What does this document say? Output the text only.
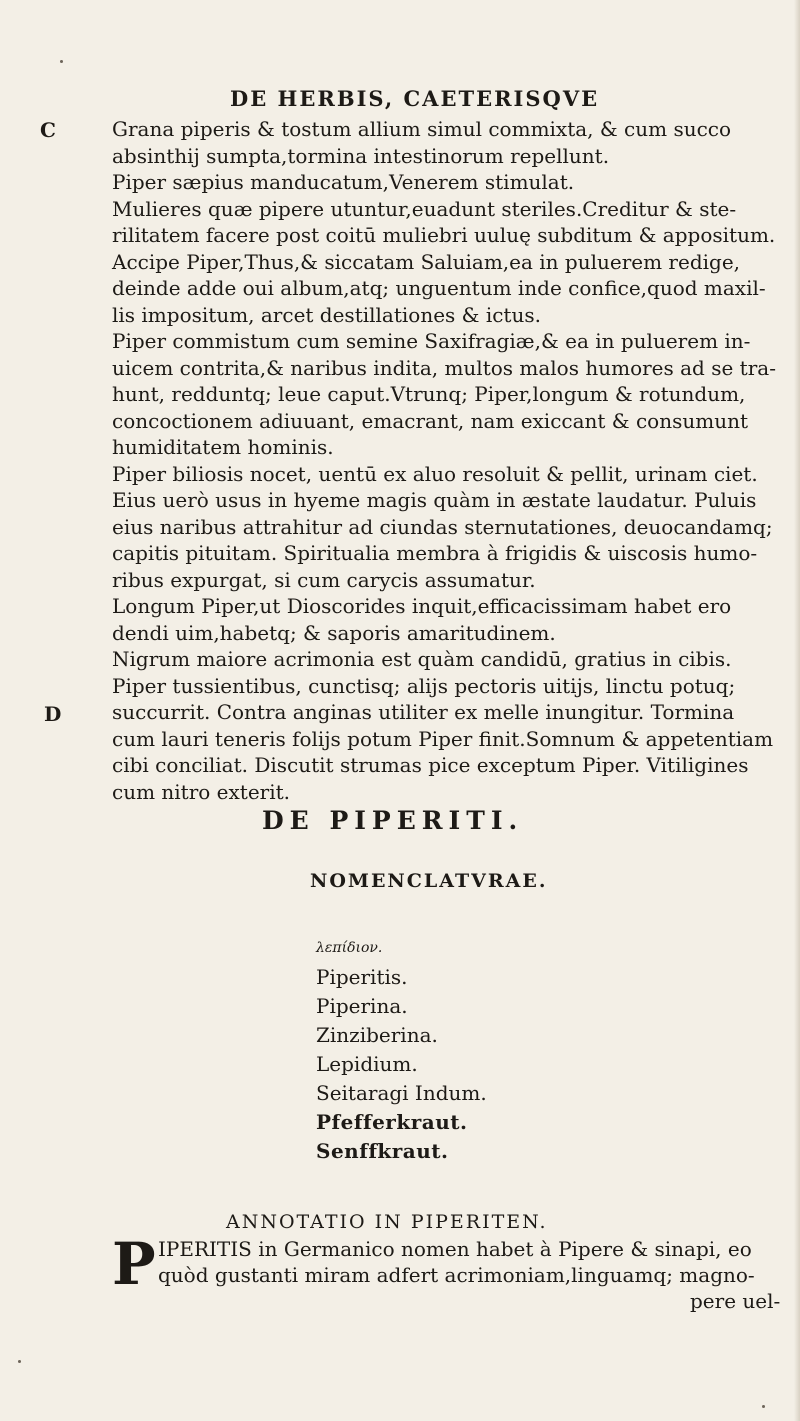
DE HERBIS, CAETERISQVE
C
D
Grana piperis & tostum allium simul commixta, & cum succo
absinthij sumpta,tormina intestinorum repellunt.
Piper sæpius manducatum,Venerem stimulat.
Mulieres quæ pipere utuntur,euadunt steriles.Creditur & ste-
rilitatem facere post coitū muliebri uuluę subditum & appositum.
Accipe Piper,Thus,& siccatam Saluiam,ea in puluerem redige,
deinde adde oui album,atq; unguentum inde confice,quod maxil-
lis impositum, arcet destillationes & ictus.
Piper commistum cum semine Saxifragiæ,& ea in puluerem in-
uicem contrita,& naribus indita, multos malos humores ad se tra-
hunt, redduntq; leue caput.Vtrunq; Piper,longum & rotundum,
concoctionem adiuuant, emacrant, nam exiccant & consumunt
humiditatem hominis.
Piper biliosis nocet, uentū ex aluo resoluit & pellit, urinam ciet.
Eius uerò usus in hyeme magis quàm in æstate laudatur. Puluis
eius naribus attrahitur ad ciundas sternutationes, deuocandamq;
capitis pituitam. Spiritualia membra à frigidis & uiscosis humo-
ribus expurgat, si cum carycis assumatur.
Longum Piper,ut Dioscorides inquit,efficacissimam habet ero
dendi uim,habetq; & saporis amaritudinem.
Nigrum maiore acrimonia est quàm candidū, gratius in cibis.
Piper tussientibus, cunctisq; alijs pectoris uitijs, linctu potuq;
succurrit. Contra anginas utiliter ex melle inungitur. Tormina
cum lauri teneris folijs potum Piper finit.Somnum & appetentiam
cibi conciliat. Discutit strumas pice exceptum Piper. Vitiligines
cum nitro exterit.
DE PIPERITI.
NOMENCLATVRAE.
λεπίδιον.
Piperitis.
Piperina.
Zinziberina.
Lepidium.
Seitaragi Indum.
Pfefferkraut.
Senffkraut.
ANNOTATIO IN PIPERITEN.
P IPERITIS in Germanico nomen habet à Pipere & sinapi, eo
quòd gustanti miram adfert acrimoniam,linguamq; magno-
pere uel-
